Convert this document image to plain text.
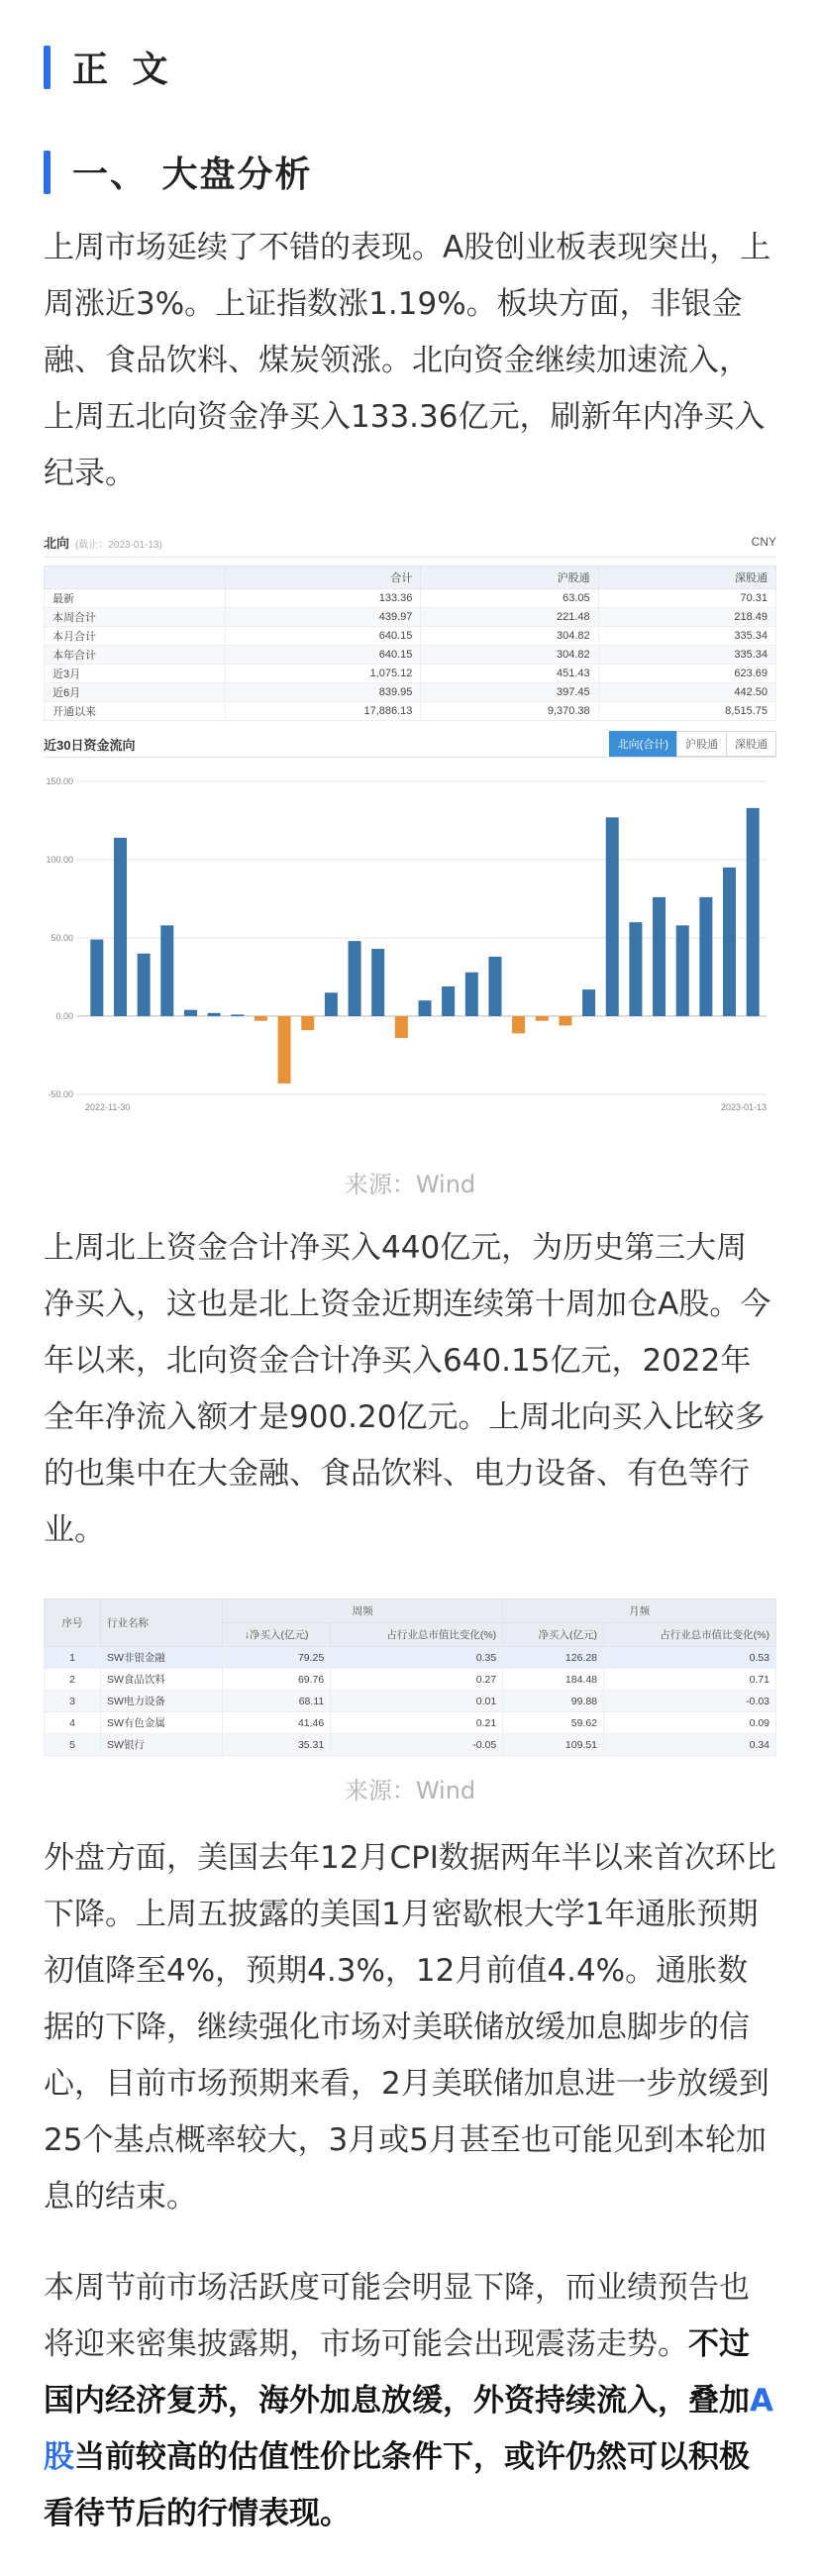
正 文
一、 大盘分析
上周市场延续了不错的表现。A股创业板表现突出，上周涨近3%。上证指数涨1.19%。板块方面，非银金融、食品饮料、煤炭领涨。北向资金继续加速流入，上周五北向资金净买入133.36亿元，刷新年内净买入纪录。
北向 (截止：2023-01-13)	CNY
	合计	沪股通	深股通
最新	133.36	63.05	70.31
本周合计	439.97	221.48	218.49
本月合计	640.15	304.82	335.34
本年合计	640.15	304.82	335.34
近3月	1,075.12	451.43	623.69
近6月	839.95	397.45	442.50
开通以来	17,886.13	9,370.38	8,515.75
近30日资金流向	北向(合计)	沪股通	深股通
150.00
100.00
50.00
0.00
-50.00
2022-11-30	2023-01-13
来源：Wind
上周北上资金合计净买入440亿元，为历史第三大周净买入，这也是北上资金近期连续第十周加仓A股。今年以来，北向资金合计净买入640.15亿元，2022年全年净流入额才是900.20亿元。上周北向买入比较多的也集中在大金融、食品饮料、电力设备、有色等行业。
序号	行业名称	周频		月频	
		↓净买入(亿元)	占行业总市值比变化(%)	净买入(亿元)	占行业总市值比变化(%)
1	SW非银金融	79.25	0.35	126.28	0.53
2	SW食品饮料	69.76	0.27	184.48	0.71
3	SW电力设备	68.11	0.01	99.88	-0.03
4	SW有色金属	41.46	0.21	59.62	0.09
5	SW银行	35.31	-0.05	109.51	0.34
来源：Wind
外盘方面，美国去年12月CPI数据两年半以来首次环比下降。上周五披露的美国1月密歇根大学1年通胀预期初值降至4%，预期4.3%，12月前值4.4%。通胀数据的下降，继续强化市场对美联储放缓加息脚步的信心，目前市场预期来看，2月美联储加息进一步放缓到25个基点概率较大，3月或5月甚至也可能见到本轮加息的结束。
本周节前市场活跃度可能会明显下降，而业绩预告也将迎来密集披露期，市场可能会出现震荡走势。不过国内经济复苏，海外加息放缓，外资持续流入，叠加A股当前较高的估值性价比条件下，或许仍然可以积极看待节后的行情表现。
